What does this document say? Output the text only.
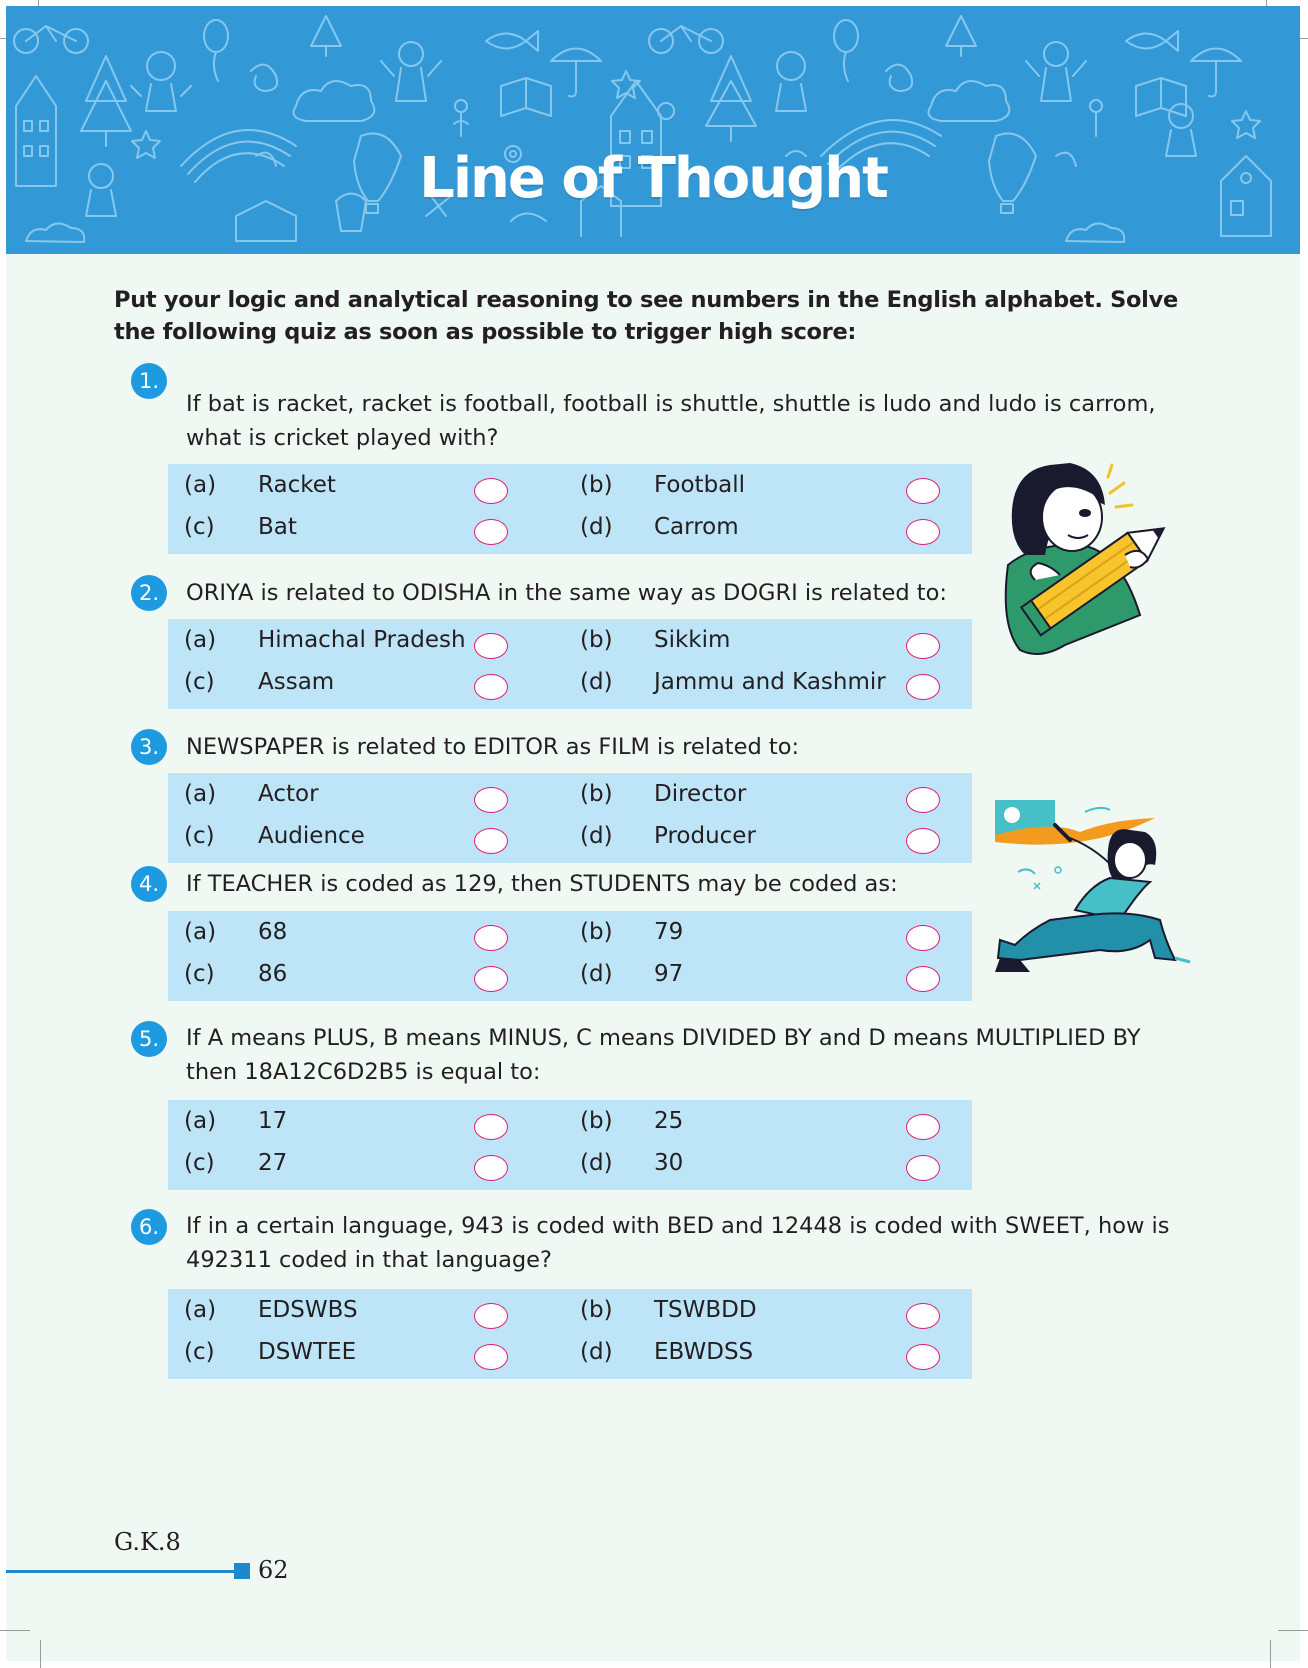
Line of Thought
Put your logic and analytical reasoning to see numbers in the English alphabet. Solve the following quiz as soon as possible to trigger high score:
1.
If bat is racket, racket is football, football is shuttle, shuttle is ludo and ludo is carrom, what is cricket played with?
(a) Racket	(b) Football
(c) Bat	(d) Carrom
2.	ORIYA is related to ODISHA in the same way as DOGRI is related to:
(a) Himachal Pradesh	(b) Sikkim
(c) Assam	(d) Jammu and Kashmir
3.	NEWSPAPER is related to EDITOR as FILM is related to:
(a) Actor	(b) Director
(c) Audience	(d) Producer
4.	If TEACHER is coded as 129, then STUDENTS may be coded as:
(a) 68	(b) 79
(c) 86	(d) 97
5.	If A means PLUS, B means MINUS, C means DIVIDED BY and D means MULTIPLIED BY then 18A12C6D2B5 is equal to:
(a) 17	(b) 25
(c) 27	(d) 30
6.	If in a certain language, 943 is coded with BED and 12448 is coded with SWEET, how is 492311 coded in that language?
(a) EDSWBS	(b) TSWBDD
(c) DSWTEE	(d) EBWDSS
G.K.8
62
